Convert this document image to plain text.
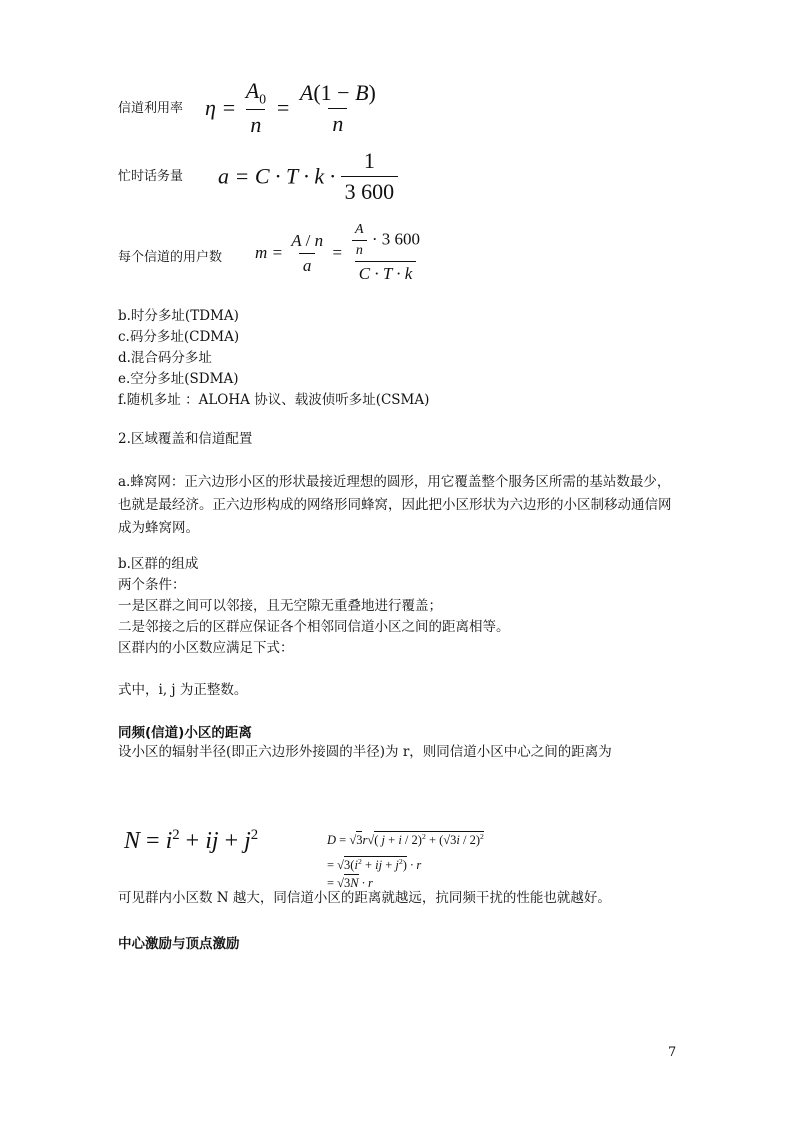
信道利用率 $\eta = \frac{A_0}{n} = \frac{A(1 - B)}{n}$
忙时话务量 $a = C \cdot T \cdot k \cdot \frac{1}{3 600}$
每个信道的用户数 $m = \frac{A / n}{a} = \frac{\frac{A}{n} \cdot 3 600}{C \cdot T \cdot k}$
b.时分多址(TDMA)
c.码分多址(CDMA)
d.混合码分多址
e.空分多址(SDMA)
f.随机多址 ：ALOHA 协议、载波侦听多址(CSMA)
2.区域覆盖和信道配置
a.蜂窝网：正六边形小区的形状最接近理想的圆形，用它覆盖整个服务区所需的基站数最少，也就是最经济。正六边形构成的网络形同蜂窝，因此把小区形状为六边形的小区制移动通信网成为蜂窝网。
b.区群的组成
两个条件：
一是区群之间可以邻接，且无空隙无重叠地进行覆盖；
二是邻接之后的区群应保证各个相邻同信道小区之间的距离相等。
区群内的小区数应满足下式：
式中，i, j 为正整数。
同频(信道)小区的距离
设小区的辐射半径(即正六边形外接圆的半径)为 r，则同信道小区中心之间的距离为
$N = i^2$ + ij + $j^2$	D = √3r√( j + i / 2)$^2$ + (√3i / 2)$^2$
= $√3(i^2$ + ij + $j^2) \cdot r$
= √3N · r
可见群内小区数 N 越大，同信道小区的距离就越远，抗同频干扰的性能也就越好。
中心激励与顶点激励
7
